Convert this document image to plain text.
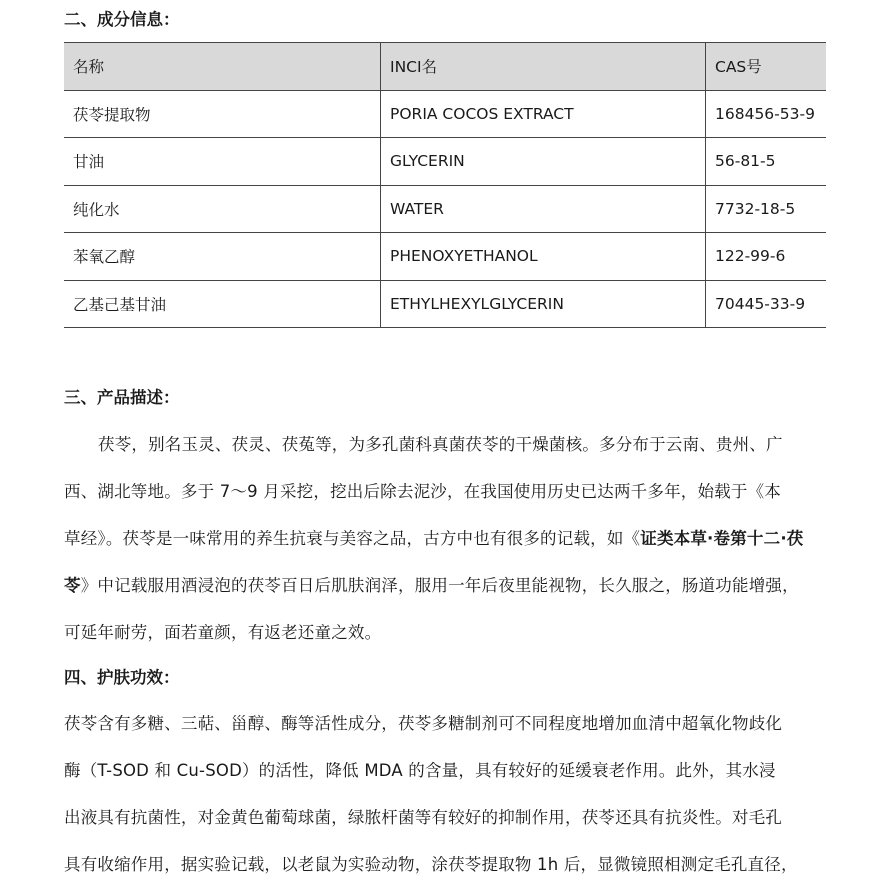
二、成分信息：
名称	INCI名	CAS号
茯苓提取物	PORIA COCOS EXTRACT	168456-53-9
甘油	GLYCERIN	56-81-5
纯化水	WATER	7732-18-5
苯氧乙醇	PHENOXYETHANOL	122-99-6
乙基己基甘油	ETHYLHEXYLGLYCERIN	70445-33-9
三、产品描述：
茯苓，别名玉灵、茯灵、茯菟等，为多孔菌科真菌茯苓的干燥菌核。多分布于云南、贵州、广
西、湖北等地。多于 7～9 月采挖，挖出后除去泥沙，在我国使用历史已达两千多年，始载于《本
草经》。茯苓是一味常用的养生抗衰与美容之品，古方中也有很多的记载，如《证类本草·卷第十二·茯
苓》中记载服用酒浸泡的茯苓百日后肌肤润泽，服用一年后夜里能视物，长久服之，肠道功能增强，
可延年耐劳，面若童颜，有返老还童之效。
四、护肤功效：
茯苓含有多糖、三萜、甾醇、酶等活性成分，茯苓多糖制剂可不同程度地增加血清中超氧化物歧化
酶（T-SOD 和 Cu-SOD）的活性，降低 MDA 的含量，具有较好的延缓衰老作用。此外，其水浸
出液具有抗菌性，对金黄色葡萄球菌，绿脓杆菌等有较好的抑制作用，茯苓还具有抗炎性。对毛孔
具有收缩作用，据实验记载，以老鼠为实验动物，涂茯苓提取物 1h 后，显微镜照相测定毛孔直径，
